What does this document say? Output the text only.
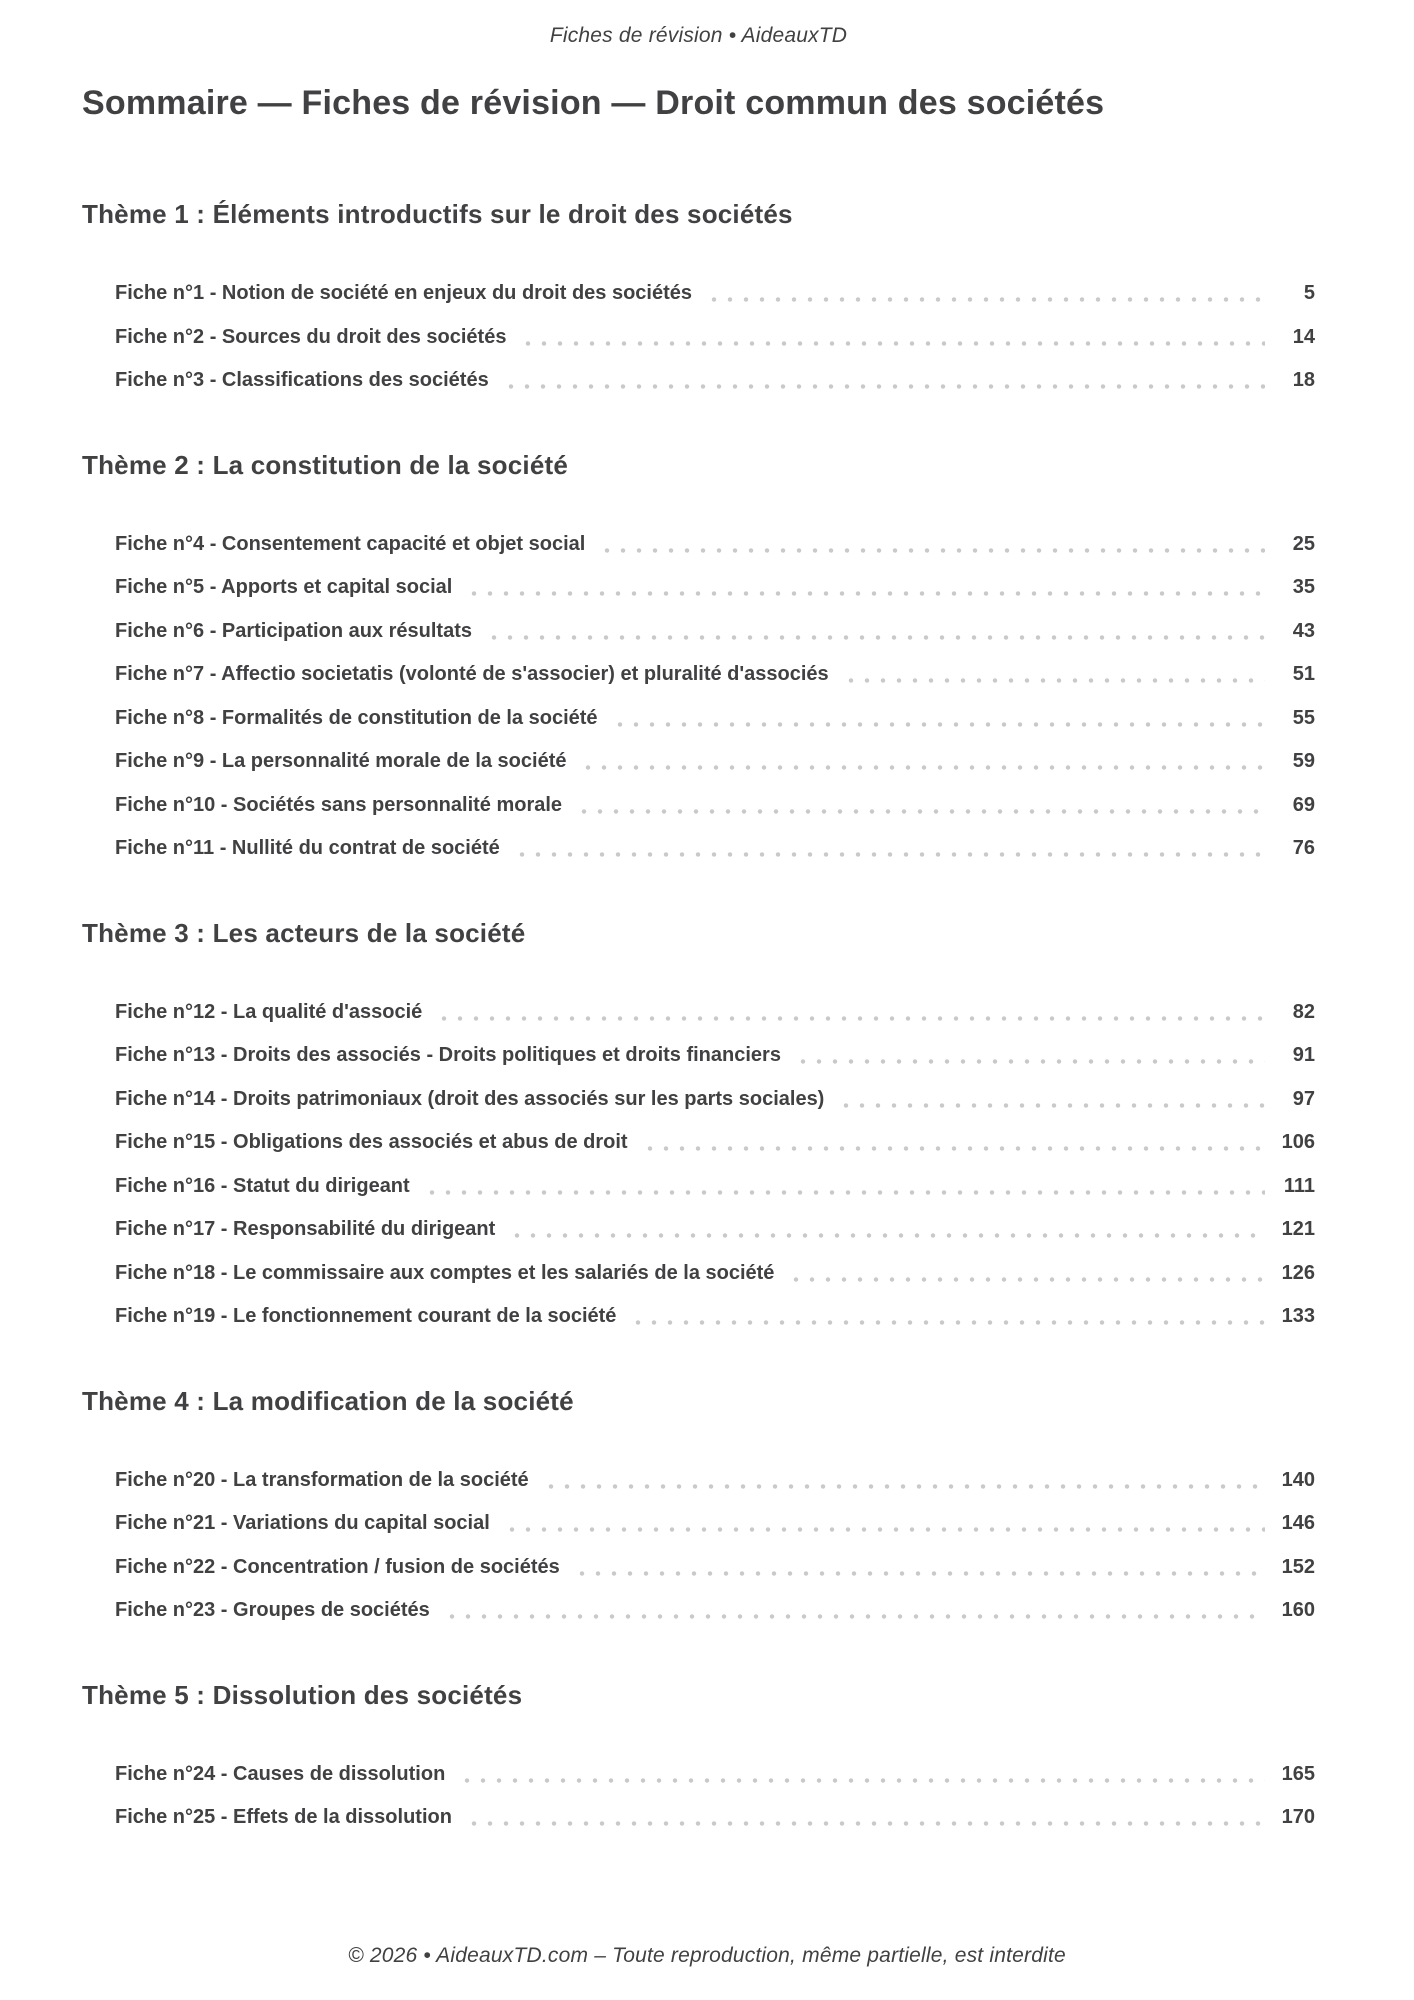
Fiches de révision • AideauxTD
Sommaire — Fiches de révision — Droit commun des sociétés
Thème 1 : Éléments introductifs sur le droit des sociétés
Fiche n°1 - Notion de société en enjeux du droit des sociétés	5
Fiche n°2 - Sources du droit des sociétés	14
Fiche n°3 - Classifications des sociétés	18
Thème 2 : La constitution de la société
Fiche n°4 - Consentement capacité et objet social	25
Fiche n°5 - Apports et capital social	35
Fiche n°6 - Participation aux résultats	43
Fiche n°7 - Affectio societatis (volonté de s'associer) et pluralité d'associés	51
Fiche n°8 - Formalités de constitution de la société	55
Fiche n°9 - La personnalité morale de la société	59
Fiche n°10 - Sociétés sans personnalité morale	69
Fiche n°11 - Nullité du contrat de société	76
Thème 3 : Les acteurs de la société
Fiche n°12 - La qualité d'associé	82
Fiche n°13 - Droits des associés - Droits politiques et droits financiers	91
Fiche n°14 - Droits patrimoniaux (droit des associés sur les parts sociales)	97
Fiche n°15 - Obligations des associés et abus de droit	106
Fiche n°16 - Statut du dirigeant	111
Fiche n°17 - Responsabilité du dirigeant	121
Fiche n°18 - Le commissaire aux comptes et les salariés de la société	126
Fiche n°19 - Le fonctionnement courant de la société	133
Thème 4 : La modification de la société
Fiche n°20 - La transformation de la société	140
Fiche n°21 - Variations du capital social	146
Fiche n°22 - Concentration / fusion de sociétés	152
Fiche n°23 - Groupes de sociétés	160
Thème 5 : Dissolution des sociétés
Fiche n°24 - Causes de dissolution	165
Fiche n°25 - Effets de la dissolution	170
© 2026 • AideauxTD.com – Toute reproduction, même partielle, est interdite
